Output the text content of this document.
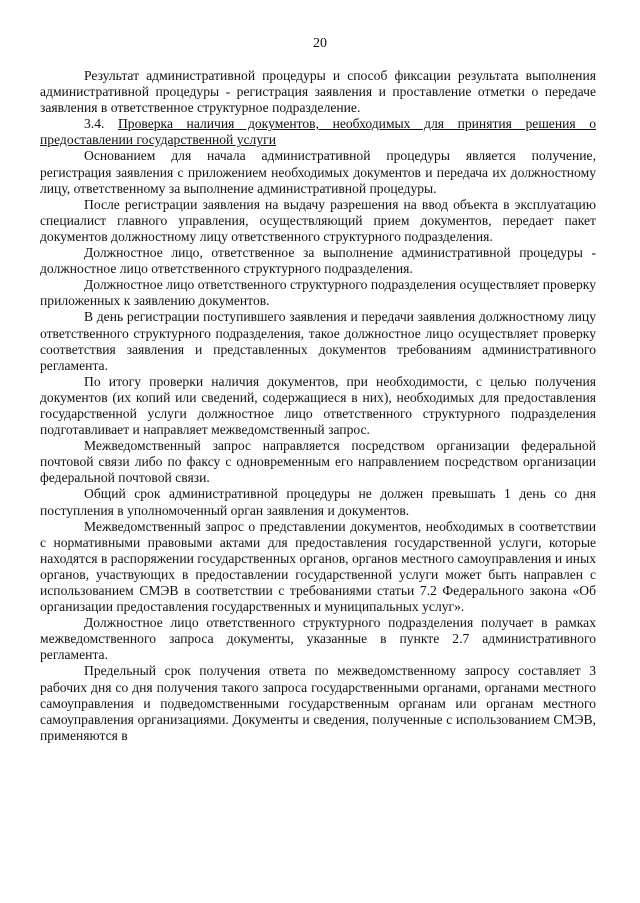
20

Результат административной процедуры и способ фиксации результата выполнения административной процедуры - регистрация заявления и проставление отметки о передаче заявления в ответственное структурное подразделение.

3.4. Проверка наличия документов, необходимых для принятия решения о предоставлении государственной услуги

Основанием для начала административной процедуры является получение, регистрация заявления с приложением необходимых документов и передача их должностному лицу, ответственному за выполнение административной процедуры.

После регистрации заявления на выдачу разрешения на ввод объекта в эксплуатацию специалист главного управления, осуществляющий прием документов, передает пакет документов должностному лицу ответственного структурного подразделения.

Должностное лицо, ответственное за выполнение административной процедуры - должностное лицо ответственного структурного подразделения.

Должностное лицо ответственного структурного подразделения осуществляет проверку приложенных к заявлению документов.

В день регистрации поступившего заявления и передачи заявления должностному лицу ответственного структурного подразделения, такое должностное лицо осуществляет проверку соответствия заявления и представленных документов требованиям административного регламента.

По итогу проверки наличия документов, при необходимости, с целью получения документов (их копий или сведений, содержащиеся в них), необходимых для предоставления государственной услуги должностное лицо ответственного структурного подразделения подготавливает и направляет межведомственный запрос.

Межведомственный запрос направляется посредством организации федеральной почтовой связи либо по факсу с одновременным его направлением посредством организации федеральной почтовой связи.

Общий срок административной процедуры не должен превышать 1 день со дня поступления в уполномоченный орган заявления и документов.

Межведомственный запрос о представлении документов, необходимых в соответствии с нормативными правовыми актами для предоставления государственной услуги, которые находятся в распоряжении государственных органов, органов местного самоуправления и иных органов, участвующих в предоставлении государственной услуги может быть направлен с использованием СМЭВ в соответствии с требованиями статьи 7.2 Федерального закона «Об организации предоставления государственных и муниципальных услуг».

Должностное лицо ответственного структурного подразделения получает в рамках межведомственного запроса документы, указанные в пункте 2.7 административного регламента.

Предельный срок получения ответа по межведомственному запросу составляет 3 рабочих дня со дня получения такого запроса государственными органами, органами местного самоуправления и подведомственными государственным органам или органам местного самоуправления организациями. Документы и сведения, полученные с использованием СМЭВ, применяются в
